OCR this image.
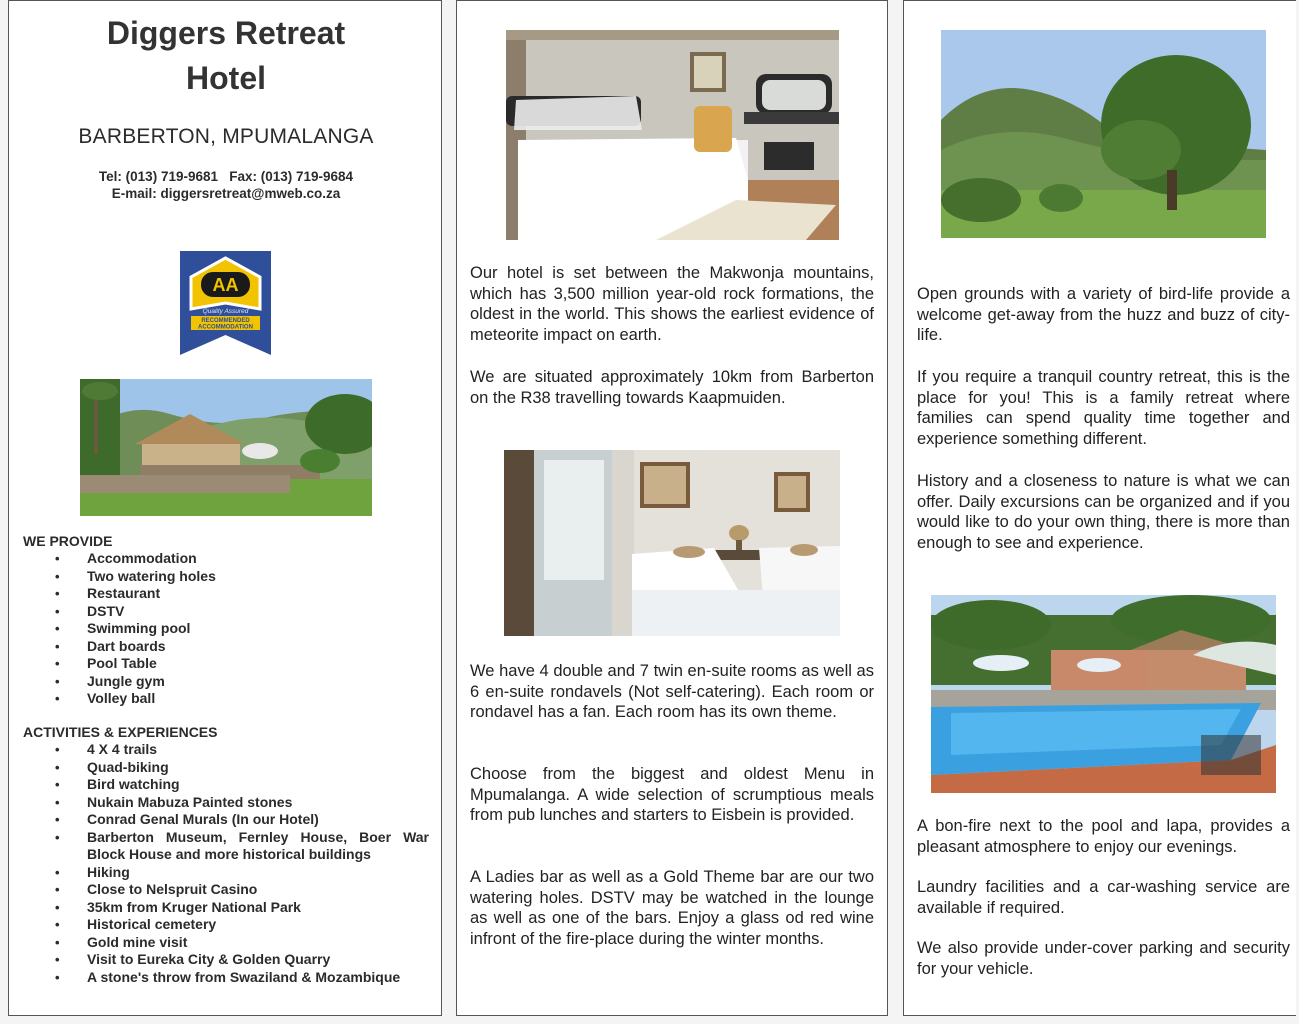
Diggers Retreat
Hotel
BARBERTON, MPUMALANGA
Tel: (013) 719-9681   Fax: (013) 719-9684
E-mail: diggersretreat@mweb.co.za
AA
Quality Assured
RECOMMENDED
ACCOMMODATION
WE PROVIDE
• Accommodation
• Two watering holes
• Restaurant
• DSTV
• Swimming pool
• Dart boards
• Pool Table
• Jungle gym
• Volley ball
ACTIVITIES & EXPERIENCES
• 4 X 4 trails
• Quad-biking
• Bird watching
• Nukain Mabuza Painted stones
• Conrad Genal Murals (In our Hotel)
• Barberton Museum, Fernley House, Boer War Block House and more historical buildings
• Hiking
• Close to Nelspruit Casino
• 35km from Kruger National Park
• Historical cemetery
• Gold mine visit
• Visit to Eureka City & Golden Quarry
• A stone's throw from Swaziland & Mozambique

Our hotel is set between the Makwonja mountains, which has 3,500 million year-old rock formations, the oldest in the world. This shows the earliest evidence of meteorite impact on earth.

We are situated approximately 10km from Barberton on the R38 travelling towards Kaapmuiden.

We have 4 double and 7 twin en-suite rooms as well as 6 en-suite rondavels (Not self-catering). Each room or rondavel has a fan. Each room has its own theme.

Choose from the biggest and oldest Menu in Mpumalanga. A wide selection of scrumptious meals from pub lunches and starters to Eisbein is provided.

A Ladies bar as well as a Gold Theme bar are our two watering holes. DSTV may be watched in the lounge as well as one of the bars. Enjoy a glass od red wine infront of the fire-place during the winter months.

Open grounds with a variety of bird-life provide a welcome get-away from the huzz and buzz of city-life.

If you require a tranquil country retreat, this is the place for you! This is a family retreat where families can spend quality time together and experience something different.

History and a closeness to nature is what we can offer. Daily excursions can be organized and if you would like to do your own thing, there is more than enough to see and experience.

A bon-fire next to the pool and lapa, provides a pleasant atmosphere to enjoy our evenings.

Laundry facilities and a car-washing service are available if required.

We also provide under-cover parking and security for your vehicle.
